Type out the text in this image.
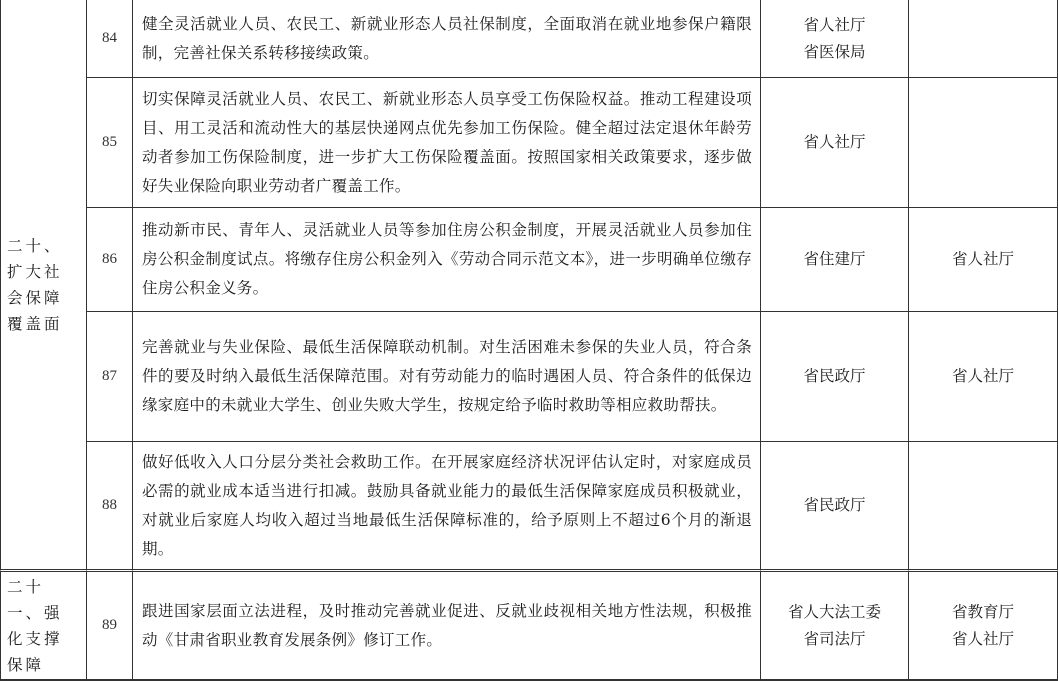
二十、扩大社会保障覆盖面
84
健全灵活就业人员、农民工、新就业形态人员社保制度，全面取消在就业地参保户籍限制，完善社保关系转移接续政策。
省人社厅
省医保局
85
切实保障灵活就业人员、农民工、新就业形态人员享受工伤保险权益。推动工程建设项目、用工灵活和流动性大的基层快递网点优先参加工伤保险。健全超过法定退休年龄劳动者参加工伤保险制度，进一步扩大工伤保险覆盖面。按照国家相关政策要求，逐步做好失业保险向职业劳动者广覆盖工作。
省人社厅
86
推动新市民、青年人、灵活就业人员等参加住房公积金制度，开展灵活就业人员参加住房公积金制度试点。将缴存住房公积金列入《劳动合同示范文本》，进一步明确单位缴存住房公积金义务。
省住建厅	省人社厅
87
完善就业与失业保险、最低生活保障联动机制。对生活困难未参保的失业人员，符合条件的要及时纳入最低生活保障范围。对有劳动能力的临时遇困人员、符合条件的低保边缘家庭中的未就业大学生、创业失败大学生，按规定给予临时救助等相应救助帮扶。
省民政厅	省人社厅
88
做好低收入人口分层分类社会救助工作。在开展家庭经济状况评估认定时，对家庭成员必需的就业成本适当进行扣减。鼓励具备就业能力的最低生活保障家庭成员积极就业，对就业后家庭人均收入超过当地最低生活保障标准的，给予原则上不超过6个月的渐退期。
省民政厅
二十一、强化支撑保障
89
跟进国家层面立法进程，及时推动完善就业促进、反就业歧视相关地方性法规，积极推动《甘肃省职业教育发展条例》修订工作。
省人大法工委
省司法厅
省教育厅
省人社厅
